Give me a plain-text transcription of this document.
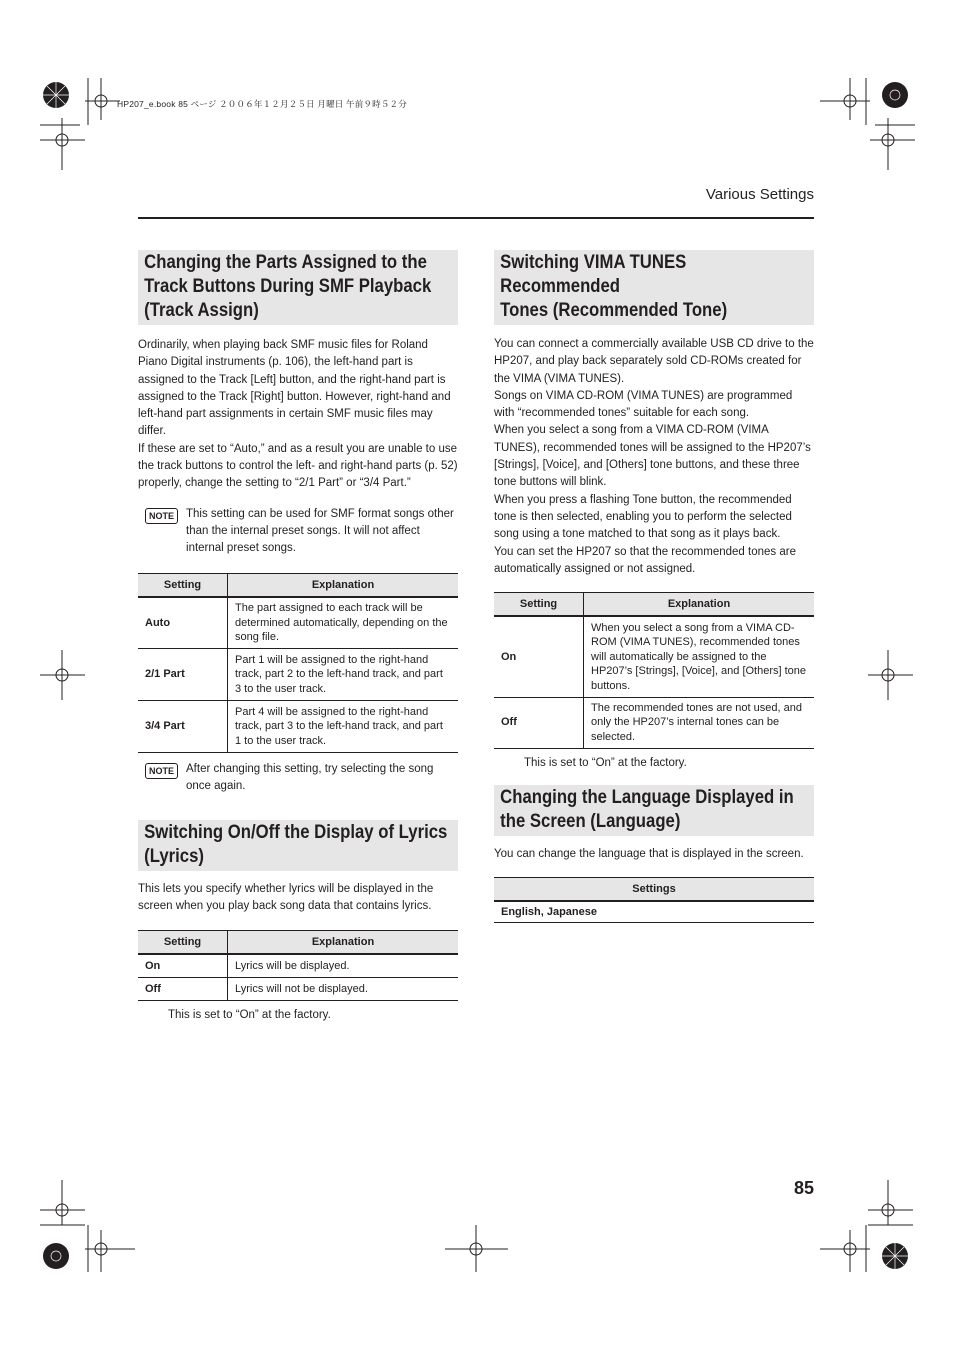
HP207_e.book 85 ページ ２００６年１２月２５日 月曜日 午前９時５２分
Various Settings
Changing the Parts Assigned to the
Track Buttons During SMF Playback
(Track Assign)

Ordinarily, when playing back SMF music files for Roland Piano Digital instruments (p. 106), the left-hand part is assigned to the Track [Left] button, and the right-hand part is assigned to the Track [Right] button. However, right-hand and left-hand part assignments in certain SMF music files may differ.

If these are set to “Auto,” and as a result you are unable to use the track buttons to control the left- and right-hand parts (p. 52) properly, change the setting to “2/1 Part” or “3/4 Part.”

NOTE	This setting can be used for SMF format songs other than the internal preset songs. It will not affect internal preset songs.

Setting	Explanation
Auto	The part assigned to each track will be determined automatically, depending on the song file.
2/1 Part	Part 1 will be assigned to the right-hand track, part 2 to the left-hand track, and part 3 to the user track.
3/4 Part	Part 4 will be assigned to the right-hand track, part 3 to the left-hand track, and part 1 to the user track.
NOTE	After changing this setting, try selecting the song once again.

Switching On/Off the Display of Lyrics
(Lyrics)

This lets you specify whether lyrics will be displayed in the screen when you play back song data that contains lyrics.

Setting	Explanation
On	Lyrics will be displayed.
Off	Lyrics will not be displayed.
This is set to “On” at the factory.
Switching VIMA TUNES Recommended
Tones (Recommended Tone)

You can connect a commercially available USB CD drive to the HP207, and play back separately sold CD-ROMs created for the VIMA (VIMA TUNES).

Songs on VIMA CD-ROM (VIMA TUNES) are programmed with “recommended tones” suitable for each song.

When you select a song from a VIMA CD-ROM (VIMA TUNES), recommended tones will be assigned to the HP207’s [Strings], [Voice], and [Others] tone buttons, and these three tone buttons will blink.

When you press a flashing Tone button, the recommended tone is then selected, enabling you to perform the selected song using a tone matched to that song as it plays back.

You can set the HP207 so that the recommended tones are automatically assigned or not assigned.

Setting	Explanation
On	When you select a song from a VIMA CD-ROM (VIMA TUNES), recommended tones will automatically be assigned to the HP207’s [Strings], [Voice], and [Others] tone buttons.
Off	The recommended tones are not used, and only the HP207’s internal tones can be selected.
This is set to “On” at the factory.
Changing the Language Displayed in
the Screen (Language)

You can change the language that is displayed in the screen.

Settings
English, Japanese
85
